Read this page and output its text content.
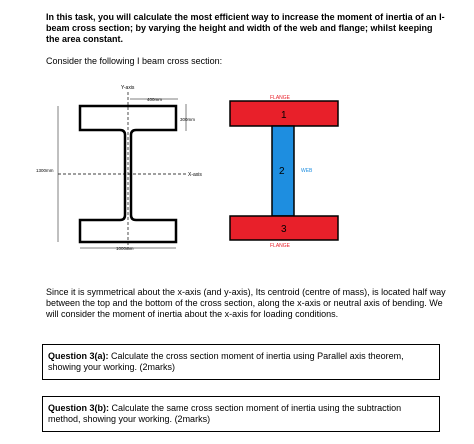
In this task, you will calculate the most efficient way to increase the moment of inertia of an I-beam cross section; by varying the height and width of the web and flange; whilst keeping the area constant.
Consider the following I beam cross section:
Y-axis
X-axis
400mm
300mm
1300mm
1000mm
FLANGE
1
2	WEB
3
FLANGE
Since it is symmetrical about the x-axis (and y-axis), Its centroid (centre of mass), is located half way between the top and the bottom of the cross section, along the x-axis or neutral axis of bending. We will consider the moment of inertia about the x-axis for loading conditions.
Question 3(a): Calculate the cross section moment of inertia using Parallel axis theorem, showing your working. (2marks)
Question 3(b): Calculate the same cross section moment of inertia using the subtraction method, showing your working. (2marks)
